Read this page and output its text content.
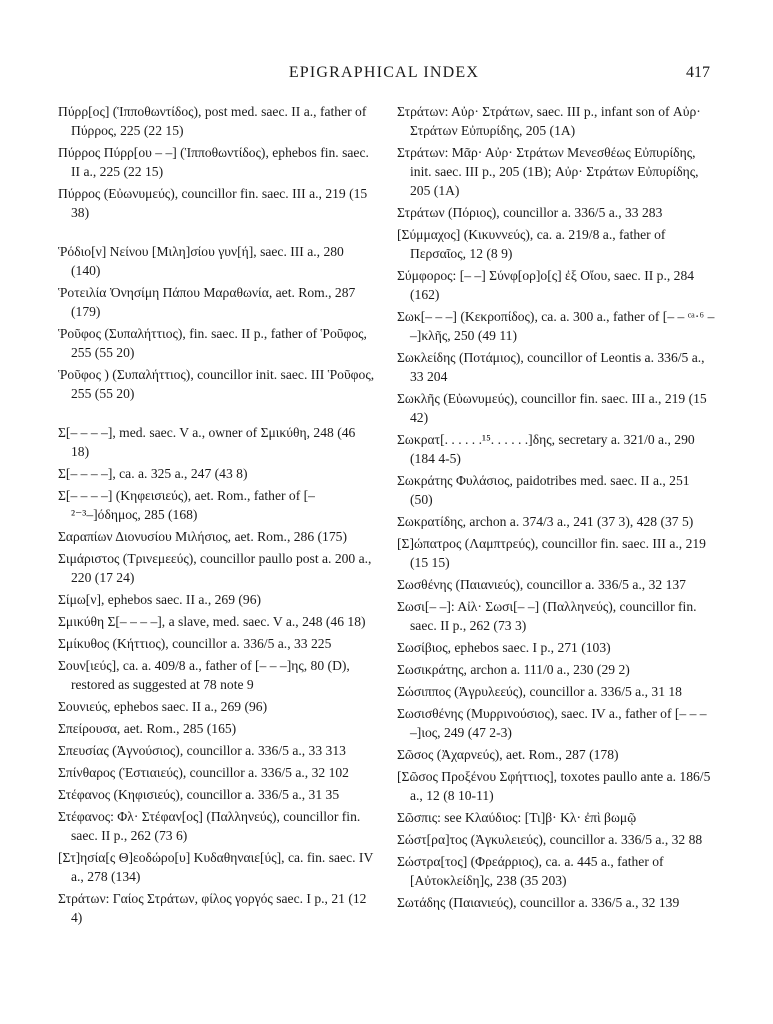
EPIGRAPHICAL INDEX	417
Πύρρ[ος] (Ἱπποθωντίδος), post med. saec. II a., father of Πύρρος, 225 (22 15)
Πύρρος Πύρρ[ου – –] (Ἱπποθωντίδος), ephebos fin. saec. II a., 225 (22 15)
Πύρρος (Εὐωνυμεύς), councillor fin. saec. III a., 219 (15 38)
Ῥόδιο[ν] Νείνου [Μιλη]σίου γυν[ή], saec. III a., 280 (140)
Ῥοτειλία Ὀνησίμη Πάπου Μαραθωνία, aet. Rom., 287 (179)
Ῥοῦφος (Συπαλήττιος), fin. saec. II p., father of Ῥοῦφος, 255 (55 20)
Ῥοῦφος ) (Συπαλήττιος), councillor init. saec. III Ῥοῦφος, 255 (55 20)
Σ[– – – –], med. saec. V a., owner of Σμικύθη, 248 (46 18)
Σ[– – – –], ca. a. 325 a., 247 (43 8)
Σ[– – – –] (Κηφεισιεύς), aet. Rom., father of [–²⁻³–]όδημος, 285 (168)
Σαραπίων Διονυσίου Μιλήσιος, aet. Rom., 286 (175)
Σιμάριστος (Τρινεμεεύς), councillor paullo post a. 200 a., 220 (17 24)
Σίμω[ν], ephebos saec. II a., 269 (96)
Σμικύθη Σ[– – – –], a slave, med. saec. V a., 248 (46 18)
Σμίκυθος (Κήττιος), councillor a. 336/5 a., 33 225
Σουν[ιεύς], ca. a. 409/8 a., father of [– – –]ης, 80 (D), restored as suggested at 78 note 9
Σουνιεύς, ephebos saec. II a., 269 (96)
Σπείρουσα, aet. Rom., 285 (165)
Σπευσίας (Ἁγνούσιος), councillor a. 336/5 a., 33 313
Σπίνθαρος (Ἑστιαιεύς), councillor a. 336/5 a., 32 102
Στέφανος (Κηφισιεύς), councillor a. 336/5 a., 31 35
Στέφανος: Φλ· Στέφαν[ος] (Παλληνεύς), councillor fin. saec. II p., 262 (73 6)
[Στ]ησία[ς Θ]εοδώρο[υ] Κυδαθηναιε[ύς], ca. fin. saec. IV a., 278 (134)
Στράτων: Γαίος Στράτων, φίλος γοργός saec. I p., 21 (12 4)
Στράτων: Αὐρ· Στράτων, saec. III p., infant son of Αὐρ· Στράτων Εὐπυρίδης, 205 (1A)
Στράτων: Μᾶρ· Αὐρ· Στράτων Μενεσθέως Εὐπυρίδης, init. saec. III p., 205 (1B); Αὐρ· Στράτων Εὐπυρίδης, 205 (1A)
Στράτων (Πόριος), councillor a. 336/5 a., 33 283
[Σύμμαχος] (Κικυννεύς), ca. a. 219/8 a., father of Περσαῖος, 12 (8 9)
Σύμφορος: [– –] Σύνφ[ορ]ο[ς] ἐξ Οἴου, saec. II p., 284 (162)
Σωκ[– – –] (Κεκροπίδος), ca. a. 300 a., father of [– – ᶜᵃ·⁶ – –]κλῆς, 250 (49 11)
Σωκλείδης (Ποτάμιος), councillor of Leontis a. 336/5 a., 33 204
Σωκλῆς (Εὐωνυμεύς), councillor fin. saec. III a., 219 (15 42)
Σωκρατ[. . . . . .¹⁵. . . . . .]δης, secretary a. 321/0 a., 290 (184 4-5)
Σωκράτης Φυλάσιος, paidotribes med. saec. II a., 251 (50)
Σωκρατίδης, archon a. 374/3 a., 241 (37 3), 428 (37 5)
[Σ]ώπατρος (Λαμπτρεύς), councillor fin. saec. III a., 219 (15 15)
Σωσθένης (Παιανιεύς), councillor a. 336/5 a., 32 137
Σωσι[– –]: Αἰλ· Σωσι[– –] (Παλληνεύς), councillor fin. saec. II p., 262 (73 3)
Σωσίβιος, ephebos saec. I p., 271 (103)
Σωσικράτης, archon a. 111/0 a., 230 (29 2)
Σώσιππος (Ἀγρυλεεύς), councillor a. 336/5 a., 31 18
Σωσισθένης (Μυρρινούσιος), saec. IV a., father of [– – – –]ιος, 249 (47 2-3)
Σῶσος (Ἀχαρνεύς), aet. Rom., 287 (178)
[Σῶσος Προξένου Σφήττιος], toxotes paullo ante a. 186/5 a., 12 (8 10-11)
Σῶσπις: see Κλαύδιος: [Τι]β· Κλ· ἐπὶ βωμῷ
Σώστ[ρα]τος (Ἀγκυλειεύς), councillor a. 336/5 a., 32 88
Σώστρα[τος] (Φρεάρριος), ca. a. 445 a., father of [Αὐτοκλείδη]ς, 238 (35 203)
Σωτάδης (Παιανιεύς), councillor a. 336/5 a., 32 139
